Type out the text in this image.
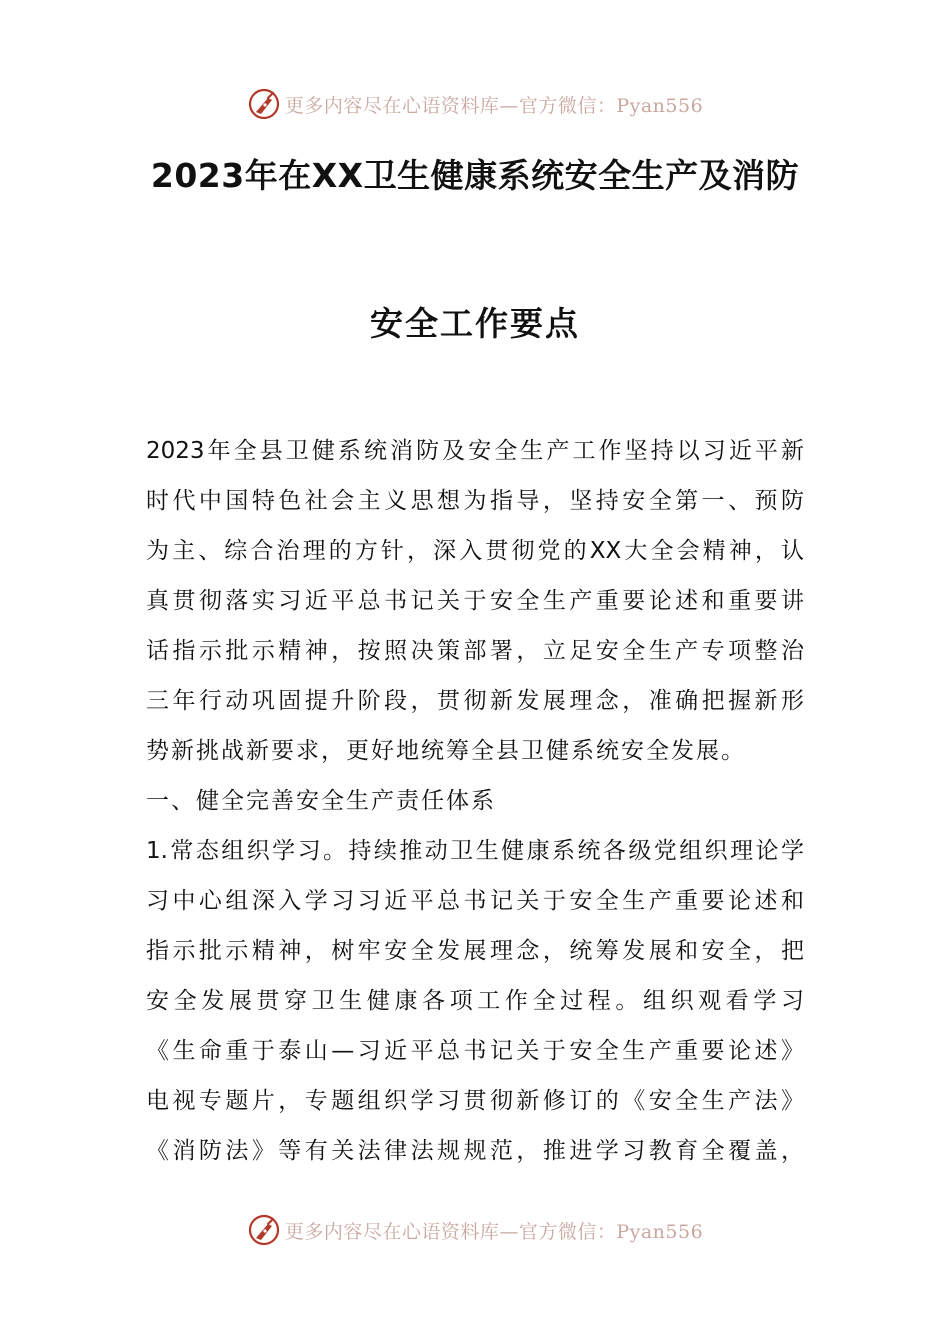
更多内容尽在心语资料库—官方微信：Pyan556
2023年在XX卫生健康系统安全生产及消防
安全工作要点
2023年全县卫健系统消防及安全生产工作坚持以习近平新
时代中国特色社会主义思想为指导，坚持安全第一、预防
为主、综合治理的方针，深入贯彻党的XX大全会精神，认
真贯彻落实习近平总书记关于安全生产重要论述和重要讲
话指示批示精神，按照决策部署，立足安全生产专项整治
三年行动巩固提升阶段，贯彻新发展理念，准确把握新形
势新挑战新要求，更好地统筹全县卫健系统安全发展。
一、健全完善安全生产责任体系
1.常态组织学习。持续推动卫生健康系统各级党组织理论学
习中心组深入学习习近平总书记关于安全生产重要论述和
指示批示精神，树牢安全发展理念，统筹发展和安全，把
安全发展贯穿卫生健康各项工作全过程。组织观看学习
《生命重于泰山—习近平总书记关于安全生产重要论述》
电视专题片，专题组织学习贯彻新修订的《安全生产法》
《消防法》等有关法律法规规范，推进学习教育全覆盖，
更多内容尽在心语资料库—官方微信：Pyan556
